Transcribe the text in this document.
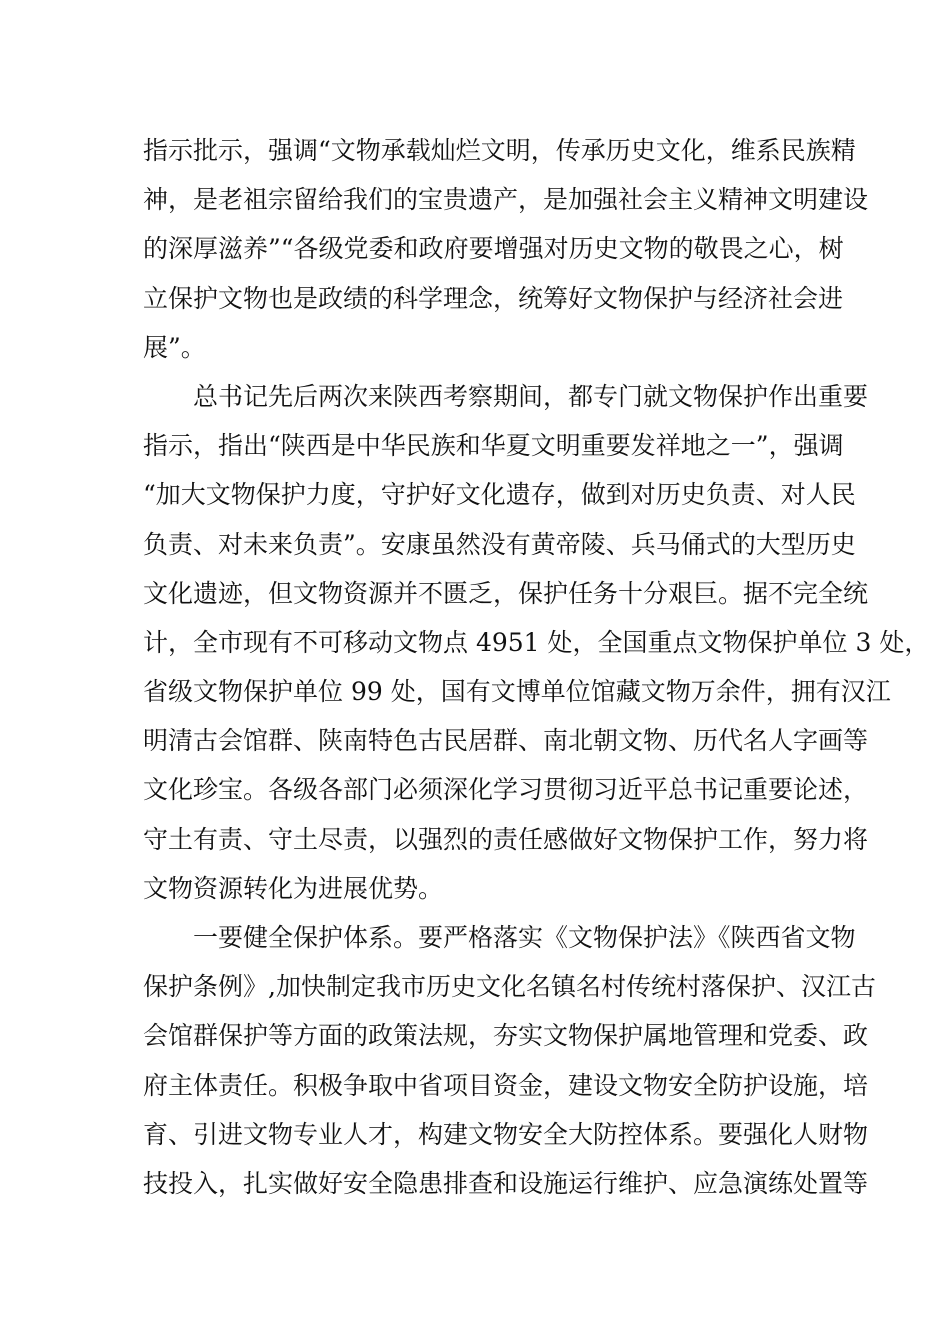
指示批示，强调“文物承载灿烂文明，传承历史文化，维系民族精
神，是老祖宗留给我们的宝贵遗产，是加强社会主义精神文明建设
的深厚滋养”“各级党委和政府要增强对历史文物的敬畏之心，树
立保护文物也是政绩的科学理念，统筹好文物保护与经济社会进
展”。
总书记先后两次来陕西考察期间，都专门就文物保护作出重要
指示，指出“陕西是中华民族和华夏文明重要发祥地之一”，强调
“加大文物保护力度，守护好文化遗存，做到对历史负责、对人民
负责、对未来负责”。安康虽然没有黄帝陵、兵马俑式的大型历史
文化遗迹，但文物资源并不匮乏，保护任务十分艰巨。据不完全统
计，全市现有不可移动文物点 4951 处，全国重点文物保护单位 3 处，
省级文物保护单位 99 处，国有文博单位馆藏文物万余件，拥有汉江
明清古会馆群、陕南特色古民居群、南北朝文物、历代名人字画等
文化珍宝。各级各部门必须深化学习贯彻习近平总书记重要论述，
守土有责、守土尽责，以强烈的责任感做好文物保护工作，努力将
文物资源转化为进展优势。
一要健全保护体系。要严格落实《文物保护法》《陕西省文物
保护条例》,加快制定我市历史文化名镇名村传统村落保护、汉江古
会馆群保护等方面的政策法规，夯实文物保护属地管理和党委、政
府主体责任。积极争取中省项目资金，建设文物安全防护设施，培
育、引进文物专业人才，构建文物安全大防控体系。要强化人财物
技投入，扎实做好安全隐患排查和设施运行维护、应急演练处置等
